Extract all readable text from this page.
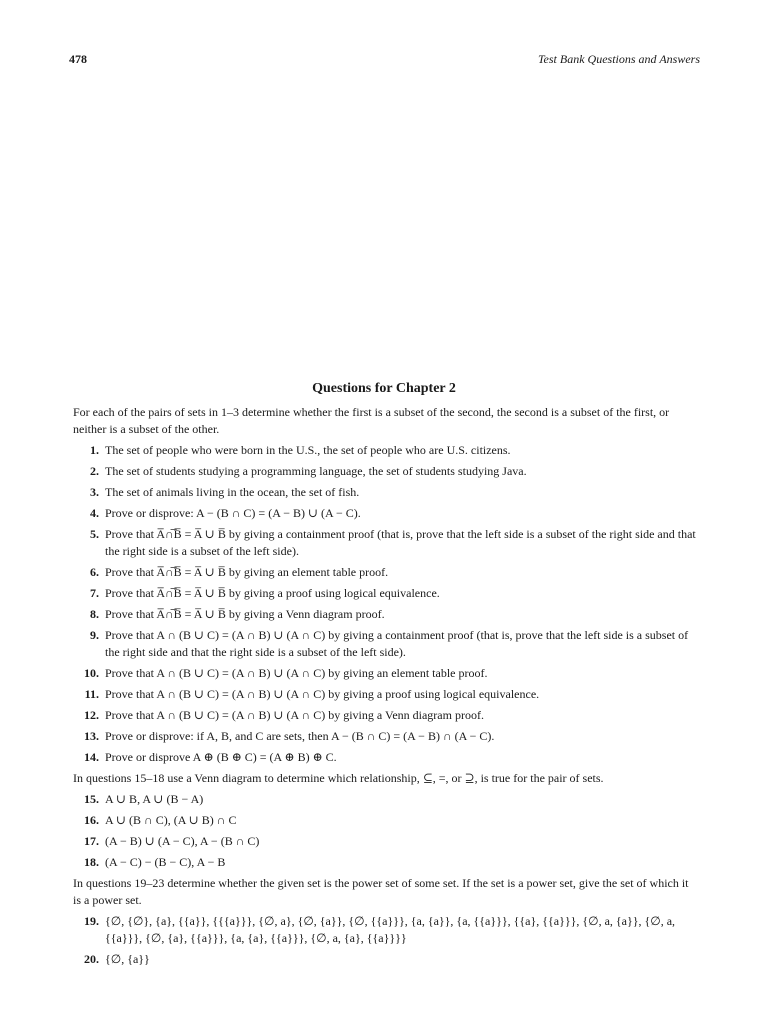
478	Test Bank Questions and Answers
Questions for Chapter 2

For each of the pairs of sets in 1–3 determine whether the first is a subset of the second, the second is a subset of the first, or neither is a subset of the other.

1 . The set of people who were born in the U.S., the set of people who are U.S. citizens.
2 . The set of students studying a programming language, the set of students studying Java.
3 . The set of animals living in the ocean, the set of fish.
4 . Prove or disprove: A − (B ∩ C) = (A − B) ∪ (A − C).
5 . Prove that A̅̅∩̅̅B̅ = A̅ ∪ B̅ by giving a containment proof (that is, prove that the left side is a subset of the right side and that the right side is a subset of the left side).
6 . Prove that A̅̅∩̅̅B̅ = A̅ ∪ B̅ by giving an element table proof.
7 . Prove that A̅̅∩̅̅B̅ = A̅ ∪ B̅ by giving a proof using logical equivalence.
8 . Prove that A̅̅∩̅̅B̅ = A̅ ∪ B̅ by giving a Venn diagram proof.
9 . Prove that A ∩ (B ∪ C) = (A ∩ B) ∪ (A ∩ C) by giving a containment proof (that is, prove that the left side is a subset of the right side and that the right side is a subset of the left side).
10 . Prove that A ∩ (B ∪ C) = (A ∩ B) ∪ (A ∩ C) by giving an element table proof.
11 . Prove that A ∩ (B ∪ C) = (A ∩ B) ∪ (A ∩ C) by giving a proof using logical equivalence.
12 . Prove that A ∩ (B ∪ C) = (A ∩ B) ∪ (A ∩ C) by giving a Venn diagram proof.
13 . Prove or disprove: if A, B, and C are sets, then A − (B ∩ C) = (A − B) ∩ (A − C).
14 . Prove or disprove A ⊕ (B ⊕ C) = (A ⊕ B) ⊕ C.

In questions 15–18 use a Venn diagram to determine which relationship, ⊆, =, or ⊇, is true for the pair of sets.

15 . A ∪ B, A ∪ (B − A)
16 . A ∪ (B ∩ C), (A ∪ B) ∩ C
17 . (A − B) ∪ (A − C), A − (B ∩ C)
18 . (A − C) − (B − C), A − B

In questions 19–23 determine whether the given set is the power set of some set. If the set is a power set, give the set of which it is a power set.

19 . {∅, {∅}, {a}, {{a}}, {{{a}}}, {∅, a}, {∅, {a}}, {∅, {{a}}}, {a, {a}}, {a, {{a}}}, {{a}, {{a}}}, {∅, a, {a}}, {∅, a, {{a}}}, {∅, {a}, {{a}}}, {a, {a}, {{a}}}, {∅, a, {a}, {{a}}}}
20 . {∅, {a}}
